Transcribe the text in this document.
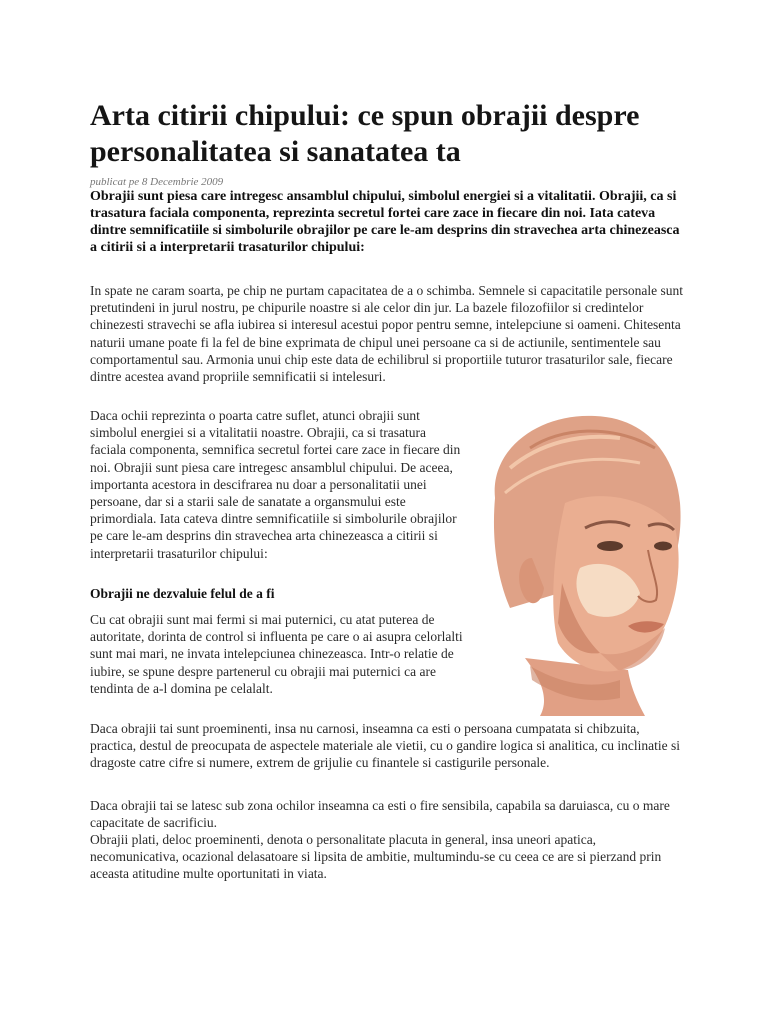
Arta citirii chipului: ce spun obrajii despre personalitatea si sanatatea ta
publicat pe 8 Decembrie 2009

Obrajii sunt piesa care intregesc ansamblul chipului, simbolul energiei si a vitalitatii. Obrajii, ca si trasatura faciala componenta, reprezinta secretul fortei care zace in fiecare din noi. Iata cateva dintre semnificatiile si simbolurile obrajilor pe care le-am desprins din stravechea arta chinezeasca a citirii si a interpretarii trasaturilor chipului:

In spate ne caram soarta, pe chip ne purtam capacitatea de a o schimba. Semnele si capacitatile personale sunt pretutindeni in jurul nostru, pe chipurile noastre si ale celor din jur. La bazele filozofiilor si credintelor chinezesti stravechi se afla iubirea si interesul acestui popor pentru semne, intelepciune si oameni. Chitesenta naturii umane poate fi la fel de bine exprimata de chipul unei persoane ca si de actiunile, sentimentele sau comportamentul sau. Armonia unui chip este data de echilibrul si proportiile tuturor trasaturilor sale, fiecare dintre acestea avand propriile semnificatii si intelesuri.

Daca ochii reprezinta o poarta catre suflet, atunci obrajii sunt simbolul energiei si a vitalitatii noastre. Obrajii, ca si trasatura faciala componenta, semnifica secretul fortei care zace in fiecare din noi. Obrajii sunt piesa care intregesc ansamblul chipului. De aceea, importanta acestora in descifrarea nu doar a personalitatii unei persoane, dar si a starii sale de sanatate a organsmului este primordiala. Iata cateva dintre semnificatiile si simbolurile obrajilor pe care le-am desprins din stravechea arta chinezeasca a citirii si interpretarii trasaturilor chipului:

Obrajii ne dezvaluie felul de a fi

Cu cat obrajii sunt mai fermi si mai puternici, cu atat puterea de autoritate, dorinta de control si influenta pe care o ai asupra celorlalti sunt mai mari, ne invata intelepciunea chinezeasca. Intr-o relatie de iubire, se spune despre partenerul cu obrajii mai puternici ca are tendinta de a-l domina pe celalalt.

Daca obrajii tai sunt proeminenti, insa nu carnosi, inseamna ca esti o persoana cumpatata si chibzuita, practica, destul de preocupata de aspectele materiale ale vietii, cu o gandire logica si analitica, cu inclinatie si dragoste catre cifre si numere, extrem de grijulie cu finantele si castigurile personale.

Daca obrajii tai se latesc sub zona ochilor inseamna ca esti o fire sensibila, capabila sa daruiasca, cu o mare capacitate de sacrificiu.

Obrajii plati, deloc proeminenti, denota o personalitate placuta in general, insa uneori apatica, necomunicativa, ocazional delasatoare si lipsita de ambitie, multumindu-se cu ceea ce are si pierzand prin aceasta atitudine multe oportunitati in viata.
